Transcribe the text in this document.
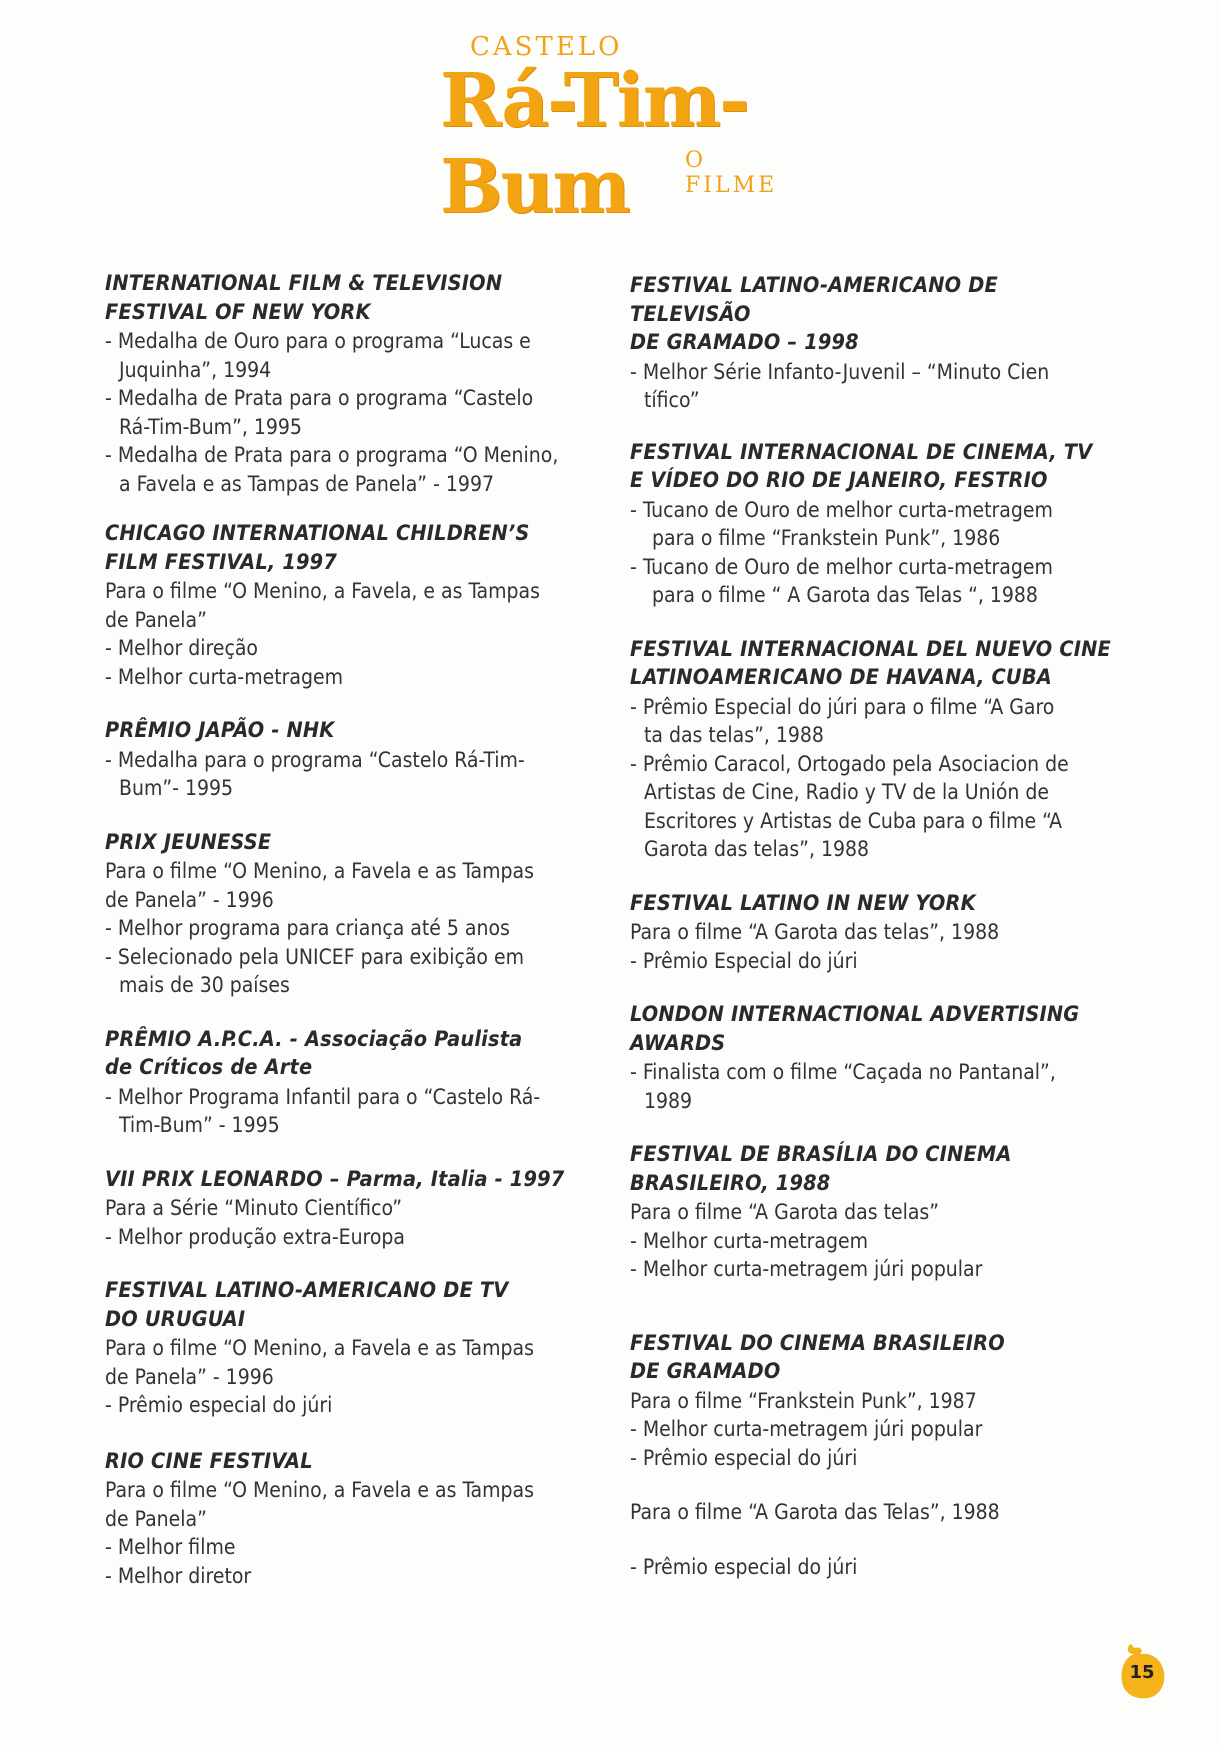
CASTELO
Rá-Tim-Bum	O FILME
INTERNATIONAL FILM & TELEVISION
FESTIVAL OF NEW YORK
- Medalha de Ouro para o programa “Lucas e
Juquinha”, 1994
- Medalha de Prata para o programa “Castelo
Rá-Tim-Bum”, 1995
- Medalha de Prata para o programa “O Menino,
a Favela e as Tampas de Panela” - 1997
CHICAGO INTERNATIONAL CHILDREN’S
FILM FESTIVAL, 1997
Para o filme “O Menino, a Favela, e as Tampas
de Panela”
- Melhor direção
- Melhor curta-metragem
PRÊMIO JAPÃO - NHK
- Medalha para o programa “Castelo Rá-Tim-
Bum”- 1995
PRIX JEUNESSE
Para o filme “O Menino, a Favela e as Tampas
de Panela” - 1996
- Melhor programa para criança até 5 anos
- Selecionado pela UNICEF para exibição em
mais de 30 países
PRÊMIO A.P.C.A. - Associação Paulista
de Críticos de Arte
- Melhor Programa Infantil para o “Castelo Rá-
Tim-Bum” - 1995
VII PRIX LEONARDO – Parma, Italia - 1997
Para a Série “Minuto Científico”
- Melhor produção extra-Europa
FESTIVAL LATINO-AMERICANO DE TV
DO URUGUAI
Para o filme “O Menino, a Favela e as Tampas
de Panela” - 1996
- Prêmio especial do júri
RIO CINE FESTIVAL
Para o filme “O Menino, a Favela e as Tampas
de Panela”
- Melhor filme
- Melhor diretor
FESTIVAL LATINO-AMERICANO DE TELEVISÃO
DE GRAMADO – 1998
- Melhor Série Infanto-Juvenil – “Minuto Cien
tífico”
FESTIVAL INTERNACIONAL DE CINEMA, TV
E VÍDEO DO RIO DE JANEIRO, FESTRIO
- Tucano de Ouro de melhor curta-metragem
para o filme “Frankstein Punk”, 1986
- Tucano de Ouro de melhor curta-metragem
para o filme “ A Garota das Telas “, 1988
FESTIVAL INTERNACIONAL DEL NUEVO CINE
LATINOAMERICANO DE HAVANA, CUBA
- Prêmio Especial do júri para o filme “A Garo
ta das telas”, 1988
- Prêmio Caracol, Ortogado pela Asociacion de
Artistas de Cine, Radio y TV de la Unión de
Escritores y Artistas de Cuba para o filme “A
Garota das telas”, 1988
FESTIVAL LATINO IN NEW YORK
Para o filme “A Garota das telas”, 1988
- Prêmio Especial do júri
LONDON INTERNACTIONAL ADVERTISING
AWARDS
- Finalista com o filme “Caçada no Pantanal”,
1989
FESTIVAL DE BRASÍLIA DO CINEMA
BRASILEIRO, 1988
Para o filme “A Garota das telas”
- Melhor curta-metragem
- Melhor curta-metragem júri popular
FESTIVAL DO CINEMA BRASILEIRO
DE GRAMADO
Para o filme “Frankstein Punk”, 1987
- Melhor curta-metragem júri popular
- Prêmio especial do júri
Para o filme “A Garota das Telas”, 1988
- Prêmio especial do júri
15
